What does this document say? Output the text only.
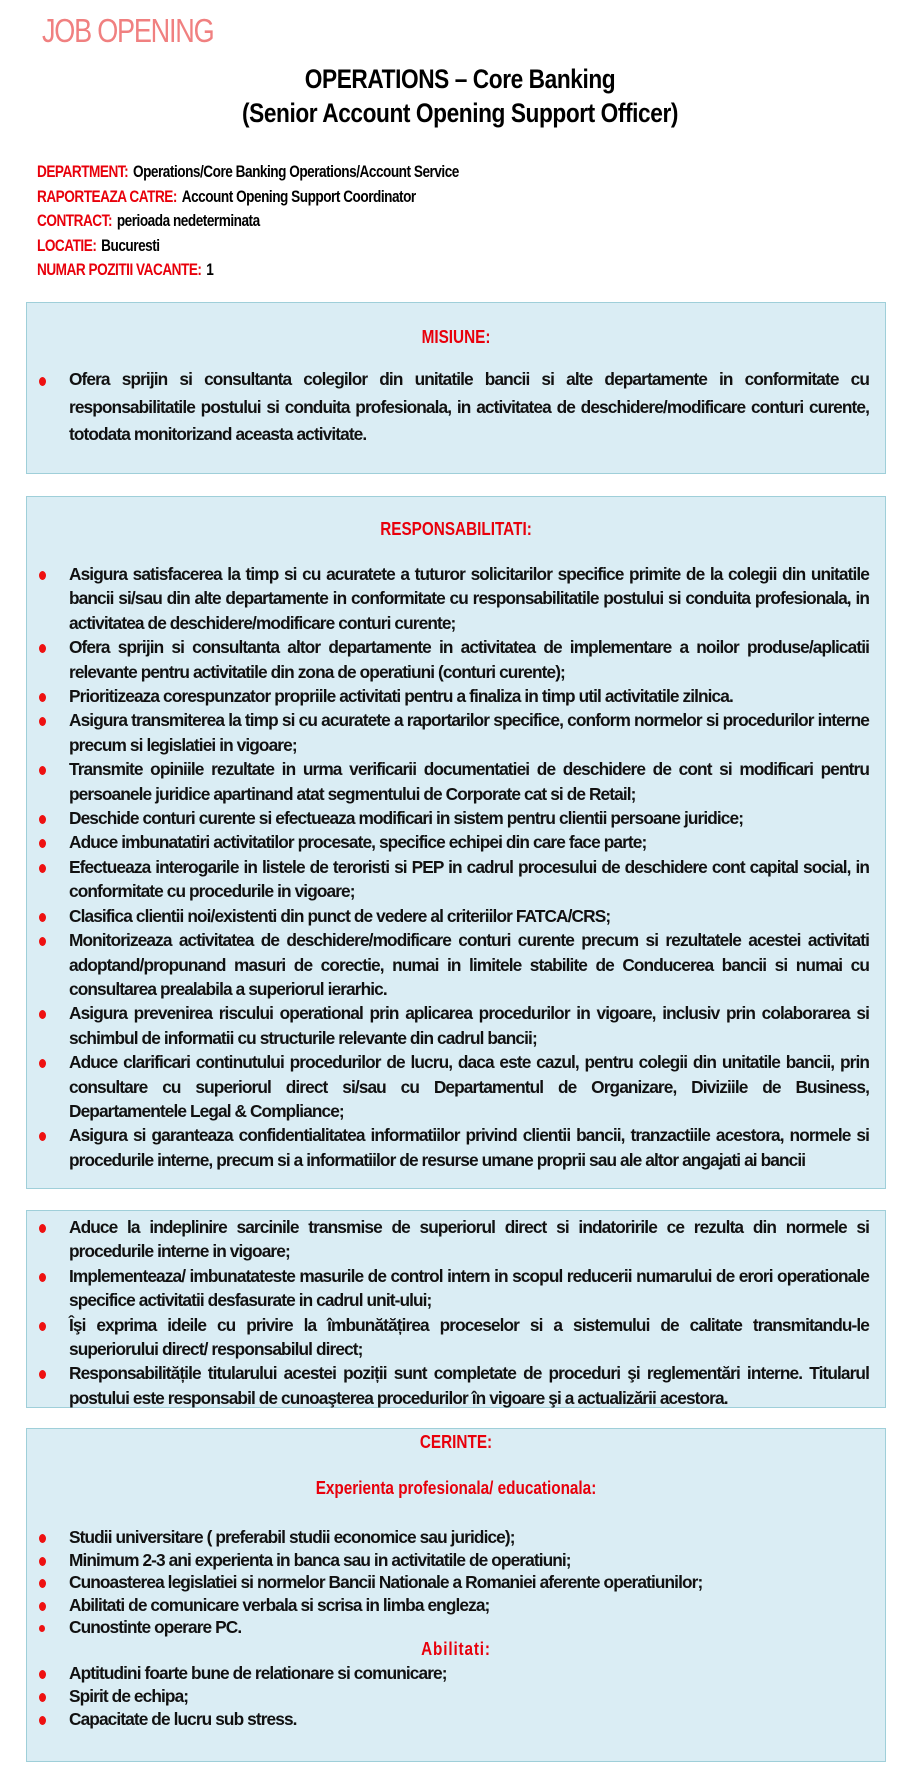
JOB OPENING
OPERATIONS – Core Banking
(Senior Account Opening Support Officer)
DEPARTMENT: Operations/Core Banking Operations/Account Service
RAPORTEAZA CATRE: Account Opening Support Coordinator
CONTRACT: perioada nedeterminata
LOCATIE: Bucuresti
NUMAR POZITII VACANTE: 1
MISIUNE:
Ofera sprijin si consultanta colegilor din unitatile bancii si alte departamente in conformitate cu responsabilitatile postului si conduita profesionala, in activitatea de deschidere/modificare conturi curente, totodata monitorizand aceasta activitate.
RESPONSABILITATI:
Asigura satisfacerea la timp si cu acuratete a tuturor solicitarilor specifice primite de la colegii din unitatile bancii si/sau din alte departamente in conformitate cu responsabilitatile postului si conduita profesionala, in activitatea de deschidere/modificare conturi curente;
Ofera sprijin si consultanta altor departamente in activitatea de implementare a noilor produse/aplicatii relevante pentru activitatile din zona de operatiuni (conturi curente);
Prioritizeaza corespunzator propriile activitati pentru a finaliza in timp util activitatile zilnica.
Asigura transmiterea la timp si cu acuratete a raportarilor specifice, conform normelor si procedurilor interne precum si legislatiei in vigoare;
Transmite opiniile rezultate in urma verificarii documentatiei de deschidere de cont si modificari pentru persoanele juridice apartinand atat segmentului de Corporate cat si de Retail;
Deschide conturi curente si efectueaza modificari in sistem pentru clientii persoane juridice;
Aduce imbunatatiri activitatilor procesate, specifice echipei din care face parte;
Efectueaza interogarile in listele de teroristi si PEP in cadrul procesului de deschidere cont capital social, in conformitate cu procedurile in vigoare;
Clasifica clientii noi/existenti din punct de vedere al criteriilor FATCA/CRS;
Monitorizeaza activitatea de deschidere/modificare conturi curente precum si rezultatele acestei activitati adoptand/propunand masuri de corectie, numai in limitele stabilite de Conducerea bancii si numai cu consultarea prealabila a superiorul ierarhic.
Asigura prevenirea riscului operational prin aplicarea procedurilor in vigoare, inclusiv prin colaborarea si schimbul de informatii cu structurile relevante din cadrul bancii;
Aduce clarificari continutului procedurilor de lucru, daca este cazul, pentru colegii din unitatile bancii, prin consultare cu superiorul direct si/sau cu Departamentul de Organizare, Diviziile de Business, Departamentele Legal & Compliance;
Asigura si garanteaza confidentialitatea informatiilor privind clientii bancii, tranzactiile acestora, normele si procedurile interne, precum si a informatiilor de resurse umane proprii sau ale altor angajati ai bancii
Aduce la indeplinire sarcinile transmise de superiorul direct si indatoririle ce rezulta din normele si procedurile interne in vigoare;
Implementeaza/ imbunatateste masurile de control intern in scopul reducerii numarului de erori operationale specifice activitatii desfasurate in cadrul unit-ului;
Îşi exprima ideile cu privire la îmbunătățirea proceselor si a sistemului de calitate transmitandu-le superiorului direct/ responsabilul direct;
Responsabilitățile titularului acestei poziții sunt completate de proceduri şi reglementări interne. Titularul postului este responsabil de cunoaşterea procedurilor în vigoare şi a actualizării acestora.
CERINTE:
Experienta profesionala/ educationala:
Studii universitare ( preferabil studii economice sau juridice);
Minimum 2-3 ani experienta in banca sau in activitatile de operatiuni;
Cunoasterea legislatiei si normelor Bancii Nationale a Romaniei aferente operatiunilor;
Abilitati de comunicare verbala si scrisa in limba engleza;
Cunostinte operare PC.
Abilitati:
Aptitudini foarte bune de relationare si comunicare;
Spirit de echipa;
Capacitate de lucru sub stress.
